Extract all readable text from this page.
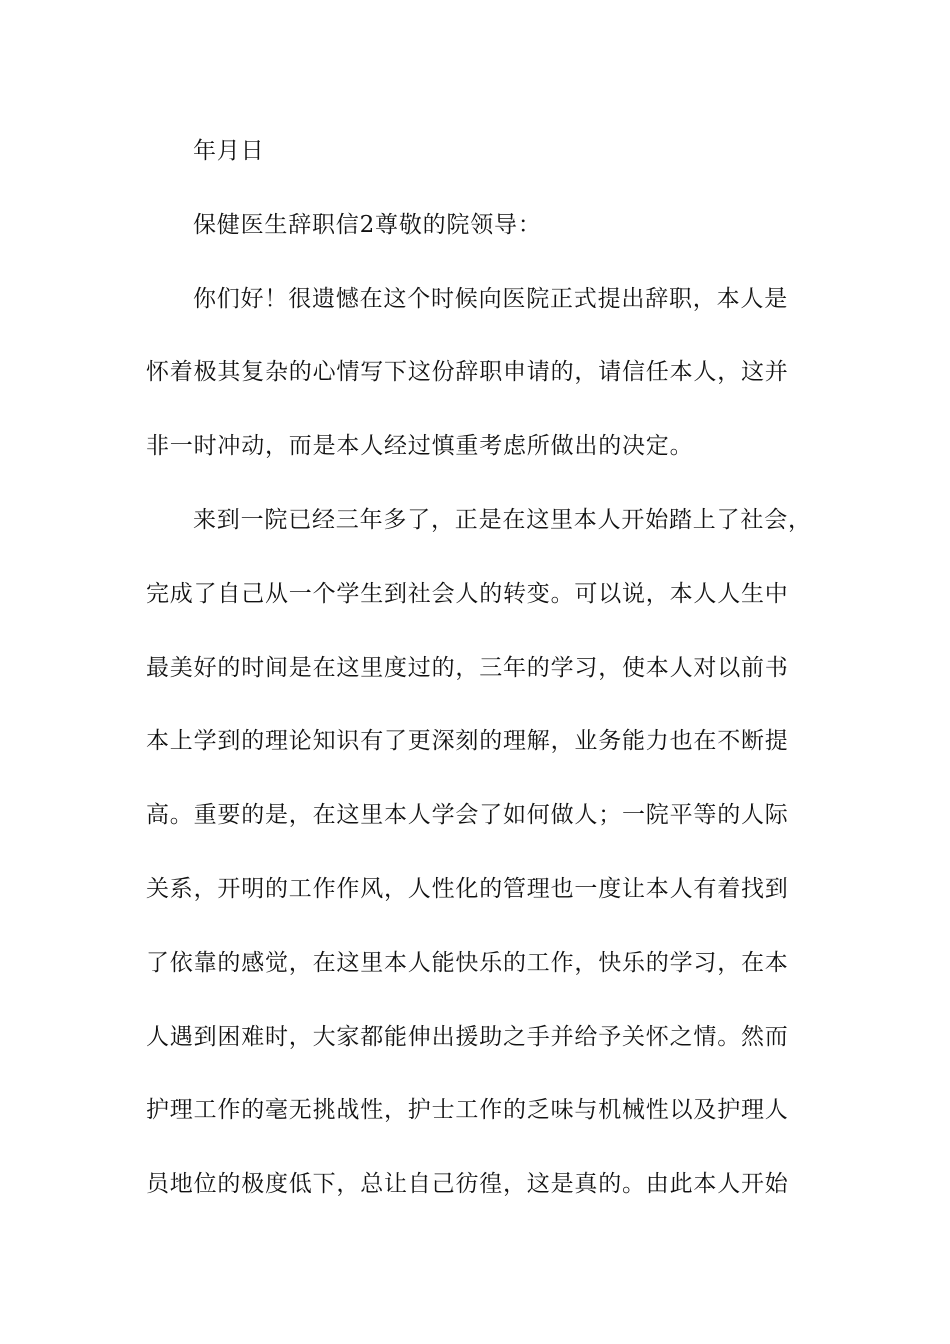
年月日
保健医生辞职信2尊敬的院领导：
你们好！很遗憾在这个时候向医院正式提出辞职，本人是
怀着极其复杂的心情写下这份辞职申请的，请信任本人，这并
非一时冲动，而是本人经过慎重考虑所做出的决定。
来到一院已经三年多了，正是在这里本人开始踏上了社会，
完成了自己从一个学生到社会人的转变。可以说，本人人生中
最美好的时间是在这里度过的，三年的学习，使本人对以前书
本上学到的理论知识有了更深刻的理解，业务能力也在不断提
高。重要的是，在这里本人学会了如何做人；一院平等的人际
关系，开明的工作作风，人性化的管理也一度让本人有着找到
了依靠的感觉，在这里本人能快乐的工作，快乐的学习，在本
人遇到困难时，大家都能伸出援助之手并给予关怀之情。然而
护理工作的毫无挑战性，护士工作的乏味与机械性以及护理人
员地位的极度低下，总让自己彷徨，这是真的。由此本人开始
